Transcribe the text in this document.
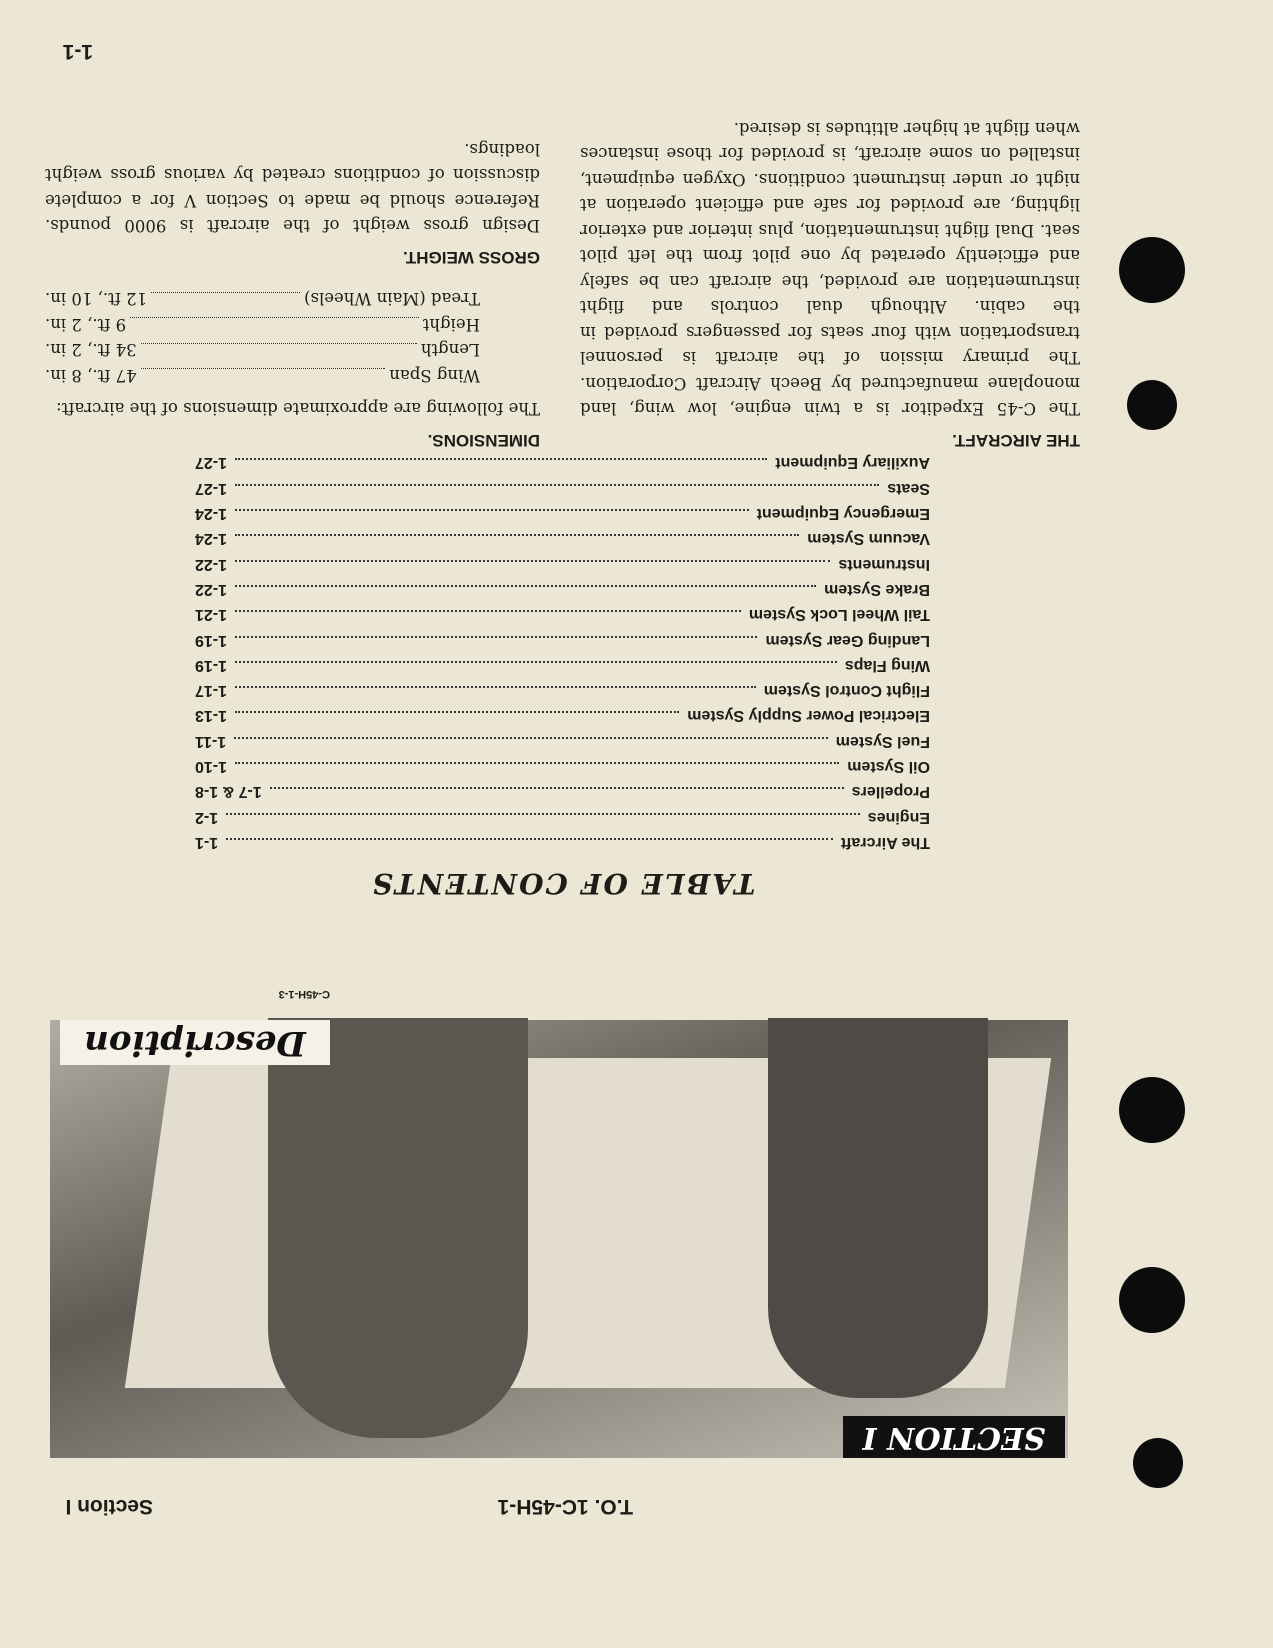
T.O. 1C-45H-1
Section I
SECTION I
Description
C-45H-1-3
TABLE OF CONTENTS
The Aircraft
1-1
Engines
1-2
Propellers
1-7 & 1-8
Oil System
1-10
Fuel System
1-11
Electrical Power Supply System
1-13
Flight Control System
1-17
Wing Flaps
1-19
Landing Gear System
1-19
Tail Wheel Lock System
1-21
Brake System
1-22
Instruments
1-22
Vacuum System
1-24
Emergency Equipment
1-24
Seats
1-27
Auxiliary Equipment
1-27
THE AIRCRAFT.
The C-45 Expeditor is a twin engine, low wing, land monoplane manufactured by Beech Aircraft Corporation. The primary mission of the aircraft is personnel transportation with four seats for passengers provided in the cabin. Although dual controls and flight instrumentation are provided, the aircraft can be safely and efficiently operated by one pilot from the left pilot seat. Dual flight instrumentation, plus interior and exterior lighting, are provided for safe and efficient operation at night or under instrument conditions. Oxygen equipment, installed on some aircraft, is provided for those instances when flight at higher altitudes is desired.
DIMENSIONS.
The following are approximate dimensions of the aircraft:
Wing Span
47 ft., 8 in.
Length
34 ft., 2 in.
Height
9 ft., 2 in.
Tread (Main Wheels)
12 ft., 10 in.
GROSS WEIGHT.
Design gross weight of the aircraft is 9000 pounds. Reference should be made to Section V for a complete discussion of conditions created by various gross weight loadings.
1-1
